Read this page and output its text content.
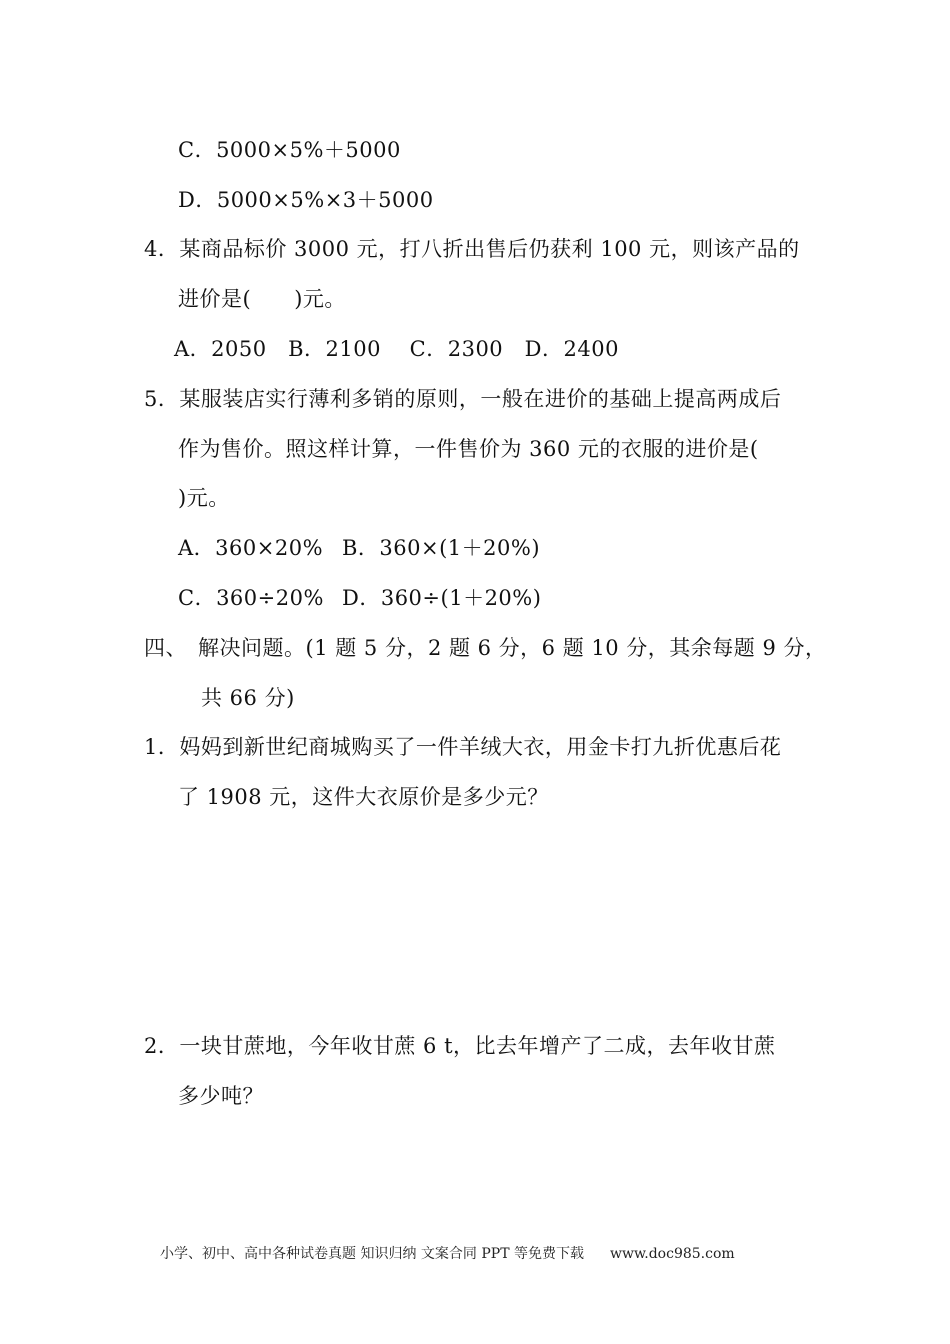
C．5000×5%＋5000
D．5000×5%×3＋5000
4．某商品标价 3000 元，打八折出售后仍获利 100 元，则该产品的
进价是(　　)元。
A．2050　B．2100　 C．2300　D．2400
5．某服装店实行薄利多销的原则，一般在进价的基础上提高两成后
作为售价。照这样计算，一件售价为 360 元的衣服的进价是(
)元。
A．360×20% B．360×(1＋20%)
C．360÷20% D．360÷(1＋20%)
四、　解决问题。(1 题 5 分，2 题 6 分，6 题 10 分，其余每题 9 分，
共 66 分)
1．妈妈到新世纪商城购买了一件羊绒大衣，用金卡打九折优惠后花
了 1908 元，这件大衣原价是多少元？
2．一块甘蔗地，今年收甘蔗 6 t，比去年增产了二成，去年收甘蔗
多少吨？
小学、初中、高中各种试卷真题 知识归纳 文案合同 PPT 等免费下载 www.doc985.com
